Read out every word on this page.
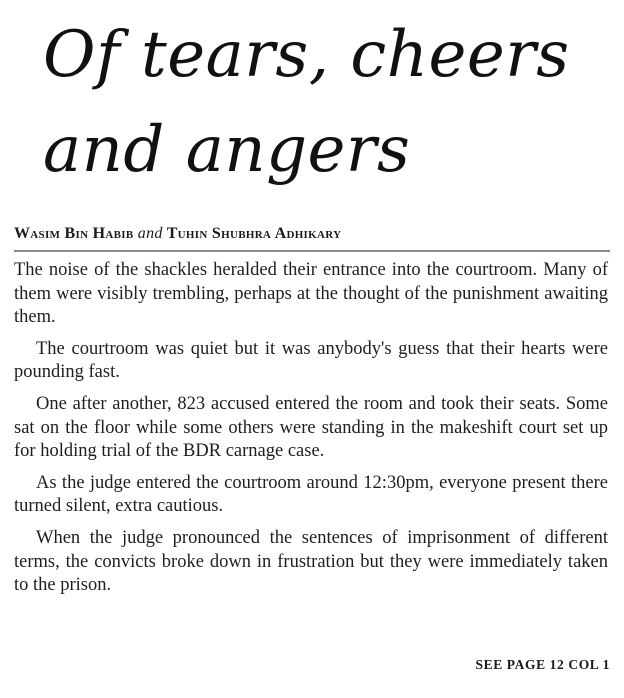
Of tears, cheers
and angers
Wasim Bin Habib and Tuhin Shubhra Adhikary

The noise of the shackles heralded their entrance into the courtroom. Many of them were visibly trembling, perhaps at the thought of the punishment awaiting them.

The courtroom was quiet but it was anybody's guess that their hearts were pounding fast.

One after another, 823 accused entered the room and took their seats. Some sat on the floor while some others were standing in the makeshift court set up for holding trial of the BDR carnage case.

As the judge entered the courtroom around 12:30pm, everyone present there turned silent, extra cautious.

When the judge pronounced the sentences of imprisonment of different terms, the convicts broke down in frustration but they were immediately taken to the prison.

SEE PAGE 12 COL 1
